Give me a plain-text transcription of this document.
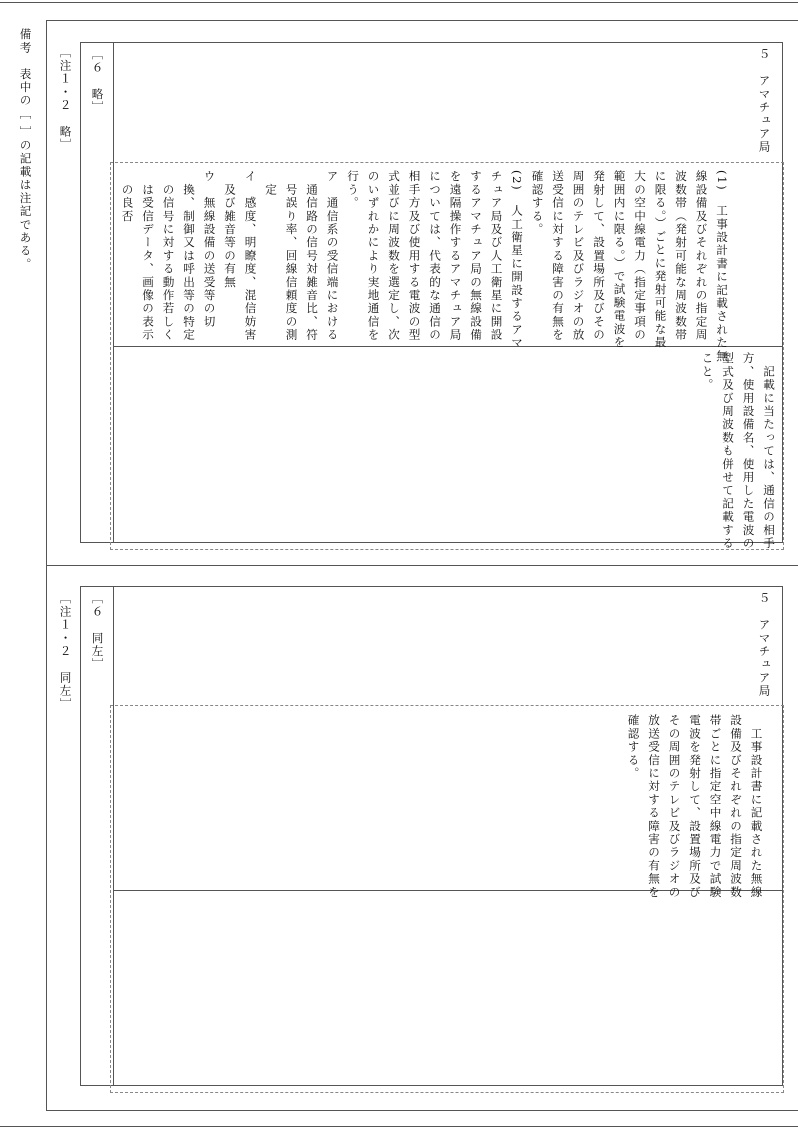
備考　表中の［ ］の記載は注記である。	［注１・２　略］	５　アマチュア局
［６　略］
(1)　工事設計書に記載された無
線設備及びそれぞれの指定周
波数帯（発射可能な周波数帯
に限る。）ごとに発射可能な最
大の空中線電力（指定事項の
範囲内に限る。）で試験電波を
発射して、設置場所及びその
周囲のテレビ及びラジオの放
送受信に対する障害の有無を
確認する。
(2)　人工衛星に開設するアマ
チュア局及び人工衛星に開設
するアマチュア局の無線設備
を遠隔操作するアマチュア局
については、代表的な通信の
相手方及び使用する電波の型
式並びに周波数を選定し、次
のいずれかにより実地通信を
行う。
ア　通信系の受信端における
　通信路の信号対雑音比、符
　号誤り率、回線信頼度の測
　定
イ　感度、明瞭度、混信妨害
　及び雑音等の有無
ウ　無線設備の送受等の切
　換、制御又は呼出等の特定
　の信号に対する動作若しく
　は受信データ、画像の表示
　の良否
　記載に当たっては、通信の相手
方、使用設備名、使用した電波の
型式及び周波数も併せて記載する
こと。
［注１・２　同左］	５　アマチュア局
［６　同左］
　工事設計書に記載された無線
設備及びそれぞれの指定周波数
帯ごとに指定空中線電力で試験
電波を発射して、設置場所及び
その周囲のテレビ及びラジオの
放送受信に対する障害の有無を
確認する。
